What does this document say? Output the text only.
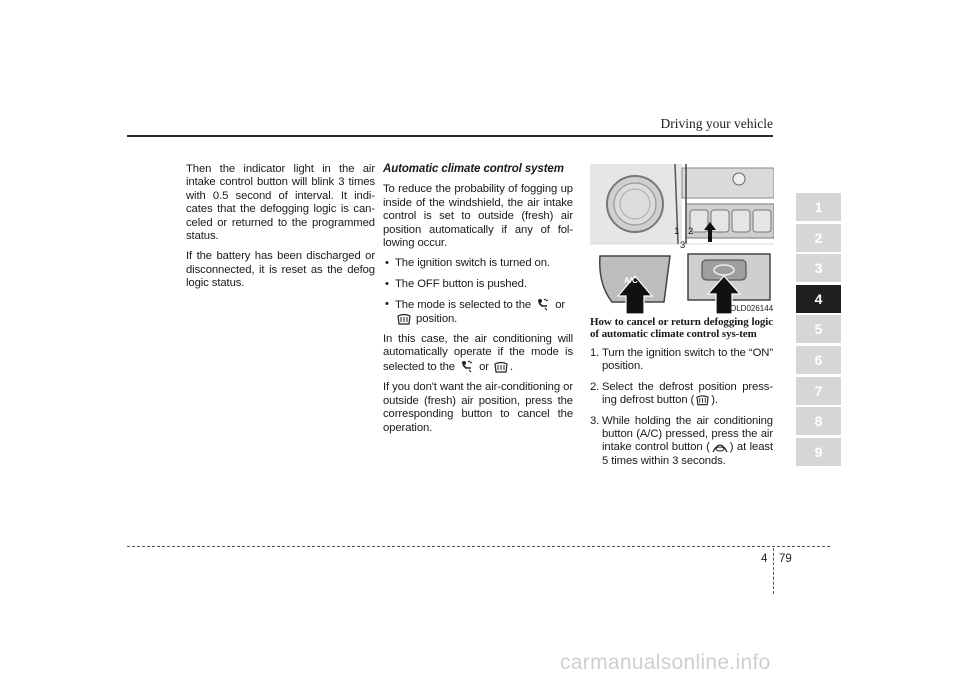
Driving your vehicle

Then the indicator light in the air intake control button will blink 3 times with 0.5 second of interval. It indi-cates that the defogging logic is can-celed or returned to the programmed status.

If the battery has been discharged or disconnected, it is reset as the defog logic status.

Automatic climate control system

To reduce the probability of fogging up inside of the windshield, the air intake control is set to outside (fresh) air position automatically if any of fol-lowing occur.

• The ignition switch is turned on.

• The OFF button is pushed.

• The mode is selected to the or
position.

In this case, the air conditioning will automatically operate if the mode is selected to the or .

If you don't want the air-conditioning or outside (fresh) air position, press the corresponding button to cancel the operation.

1 2
3
A/C
OLD026144

How to cancel or return defogging logic of automatic climate control sys-tem

1. Turn the ignition switch to the “ON” position.

2. Select the defrost position press-ing defrost button ( ).

3. While holding the air conditioning button (A/C) pressed, press the air intake control button ( ) at least 5 times within 3 seconds.

1
2
3
4
5
6
7
8
9
4 79
carmanualsonline.info
